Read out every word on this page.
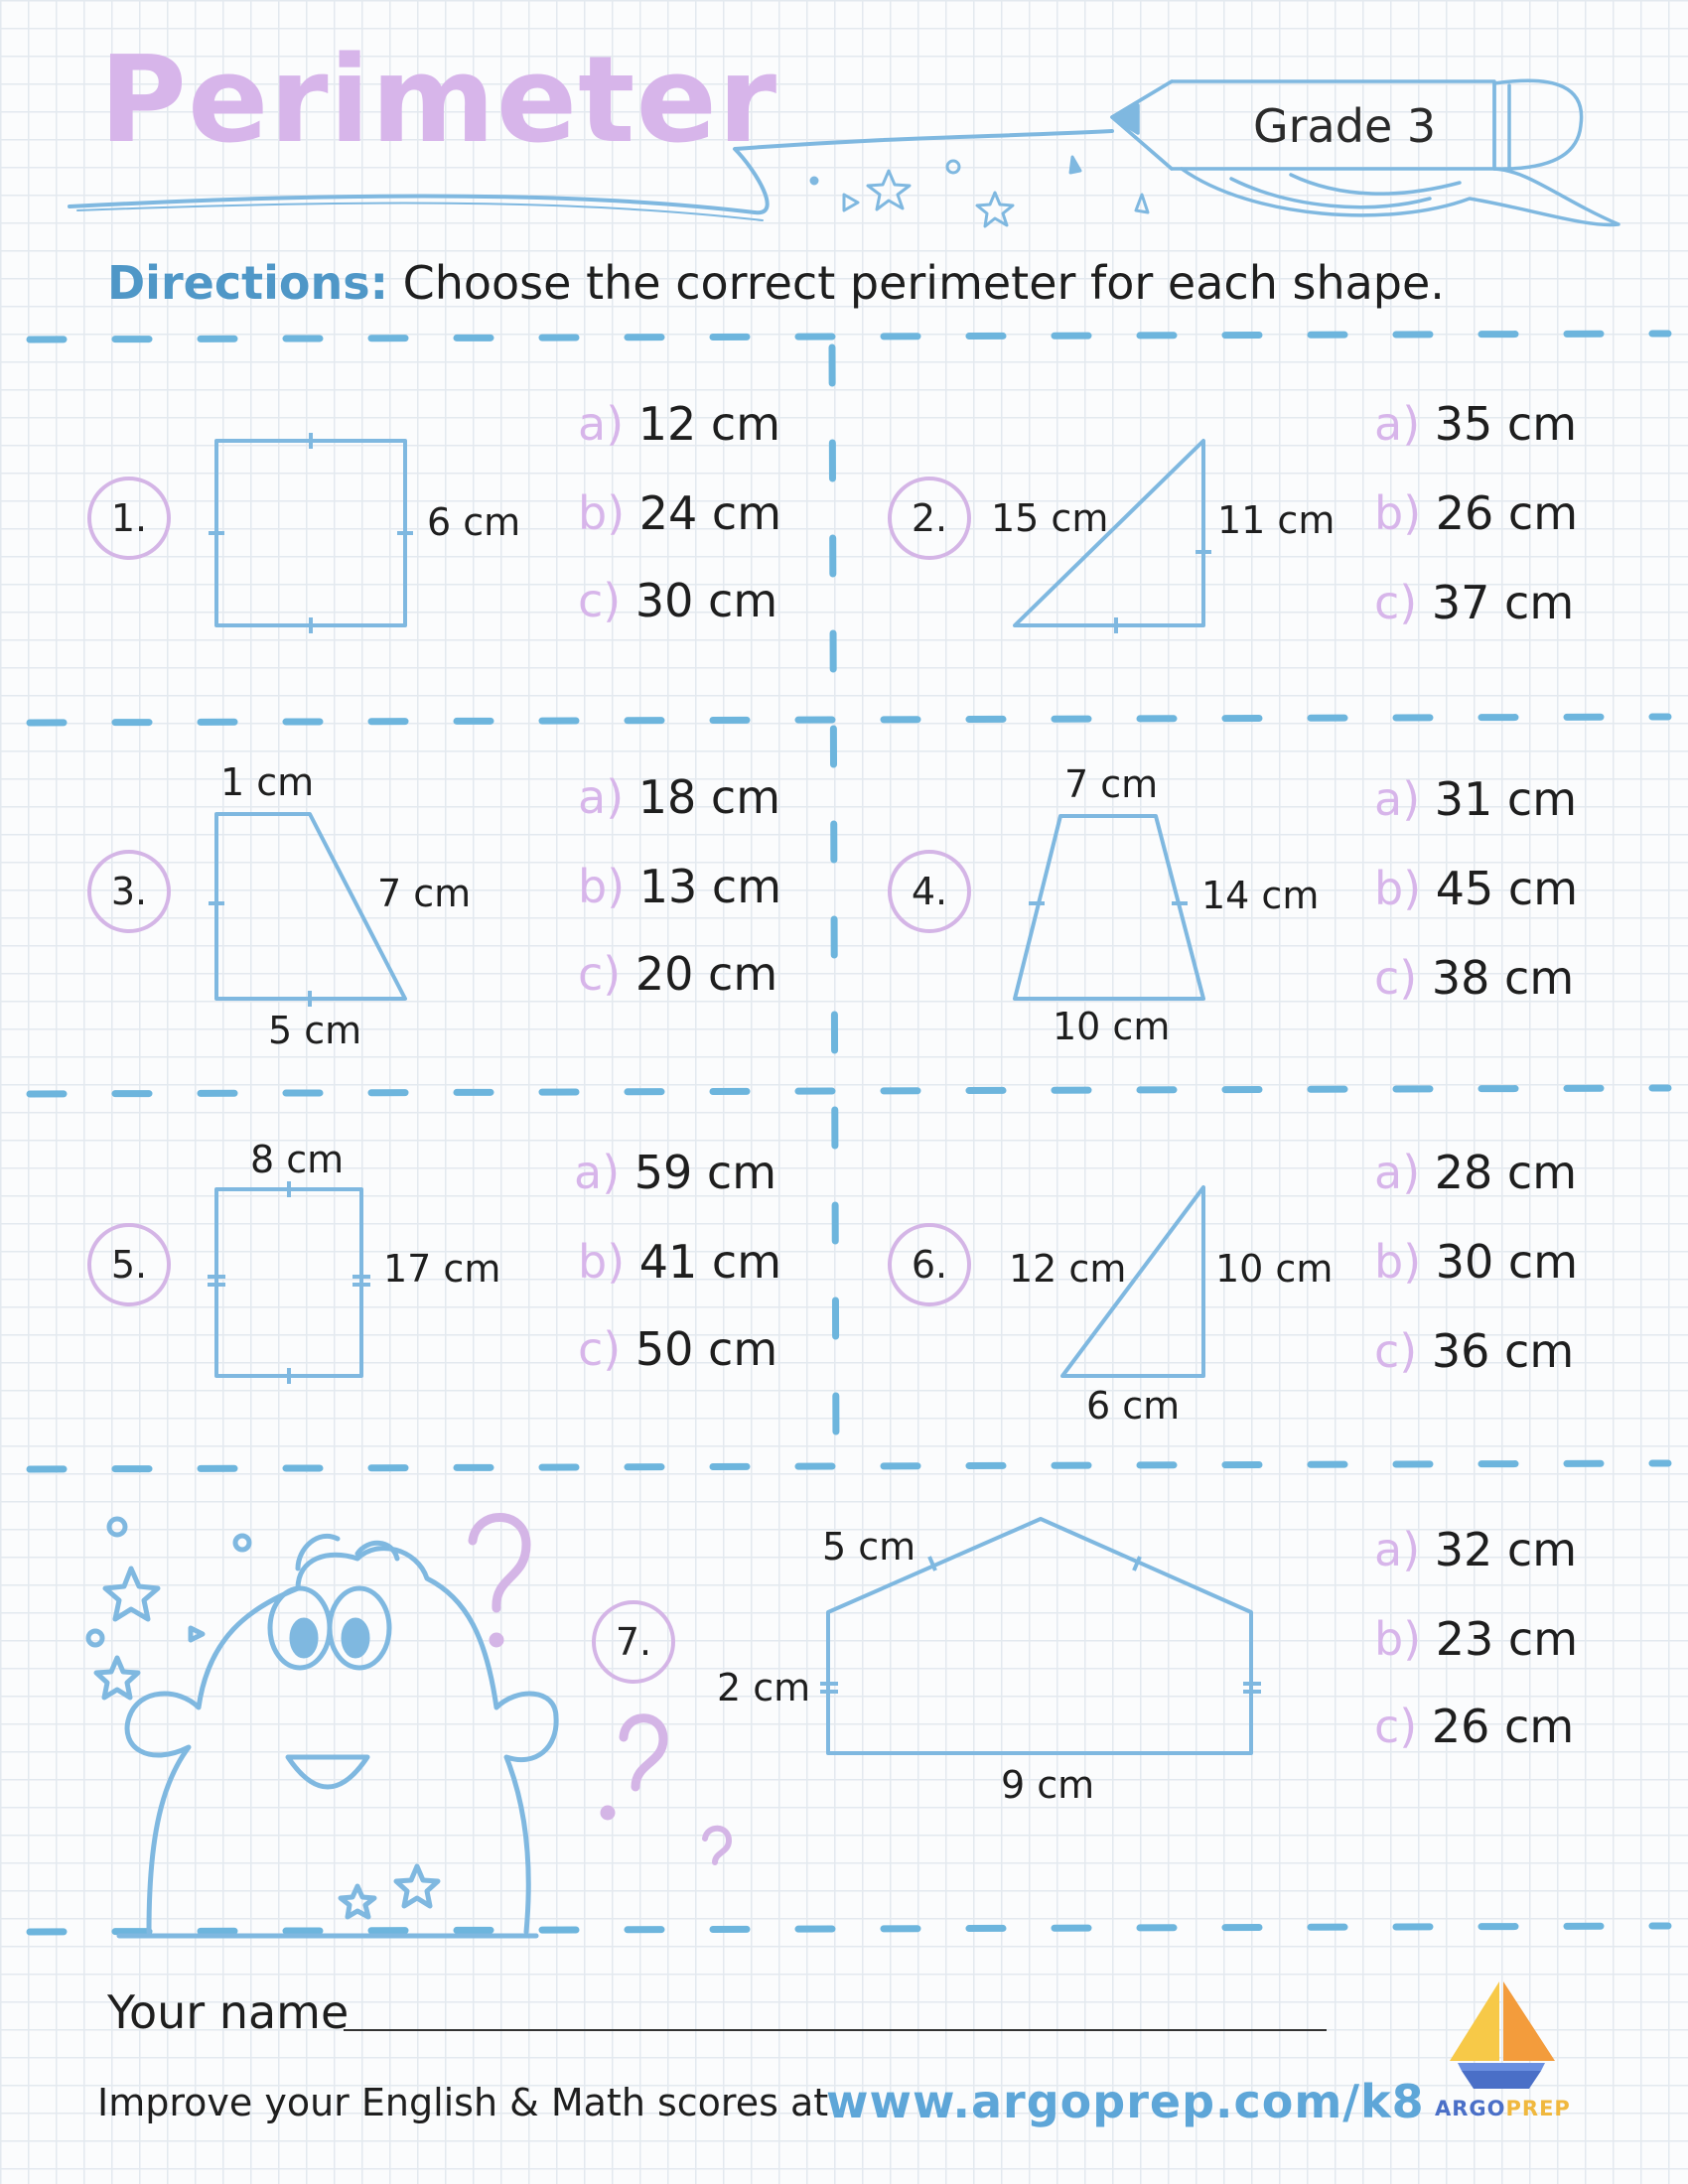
Perimeter	Grade 3
Directions: Choose the correct perimeter for each shape.
1.	6 cm
a) 12 cm
b) 24 cm
c) 30 cm
2.	15 cm	11 cm
a) 35 cm
b) 26 cm
c) 37 cm
3.
1 cm
7 cm
5 cm
a) 18 cm
b) 13 cm
c) 20 cm
4.
7 cm
14 cm
10 cm
a) 31 cm
b) 45 cm
c) 38 cm
5.
8 cm
17 cm
a) 59 cm
b) 41 cm
c) 50 cm
6.	12 cm 10 cm
6 cm
a) 28 cm
b) 30 cm
c) 36 cm
7.
5 cm
2 cm
9 cm
a) 32 cm
b) 23 cm
c) 26 cm
Your name
Improve your English & Math scores at
www.argoprep.com/k8 ARGOPREP
